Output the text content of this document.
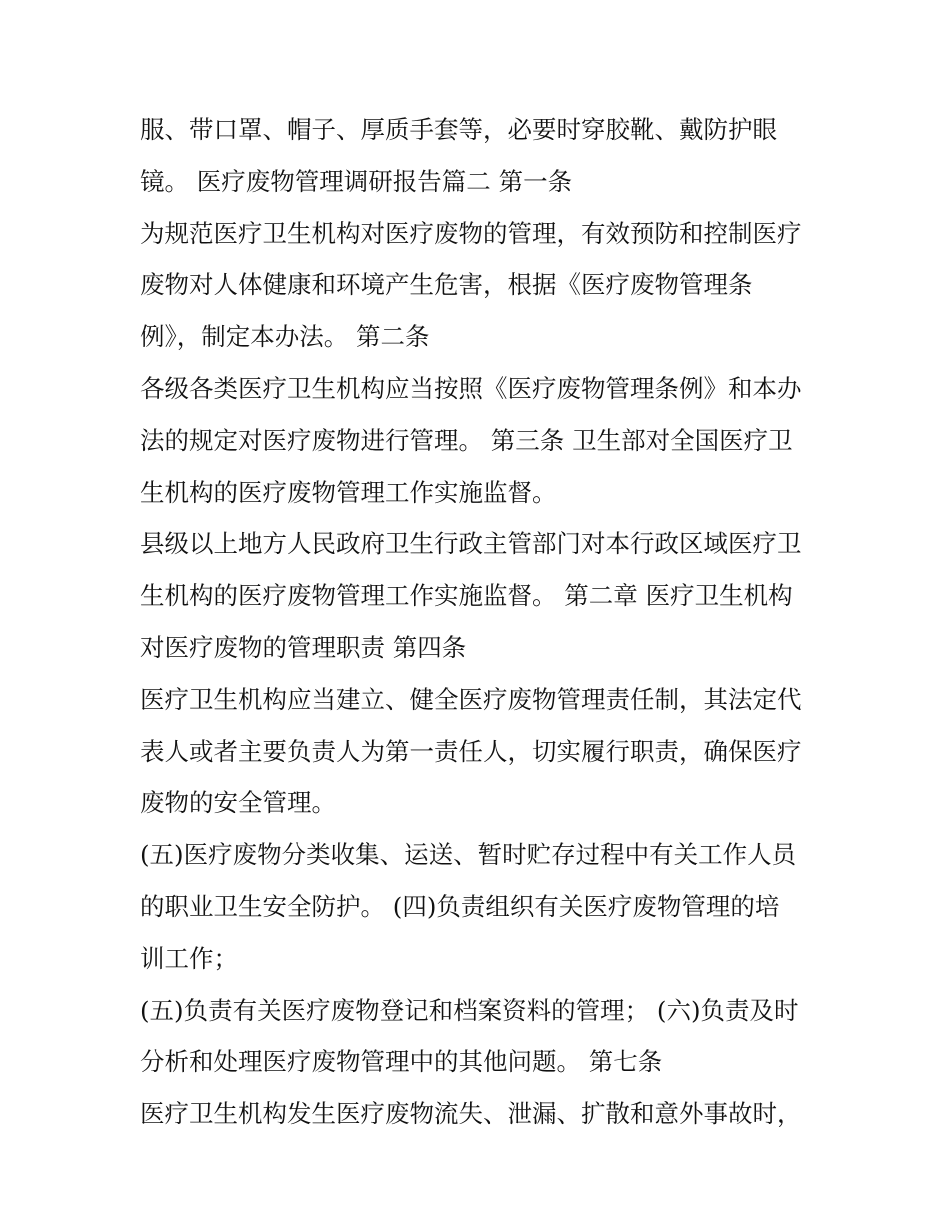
服、带口罩、帽子、厚质手套等，必要时穿胶靴、戴防护眼
镜。 医疗废物管理调研报告篇二 第一条
为规范医疗卫生机构对医疗废物的管理，有效预防和控制医疗
废物对人体健康和环境产生危害，根据《医疗废物管理条
例》，制定本办法。 第二条
各级各类医疗卫生机构应当按照《医疗废物管理条例》和本办
法的规定对医疗废物进行管理。 第三条 卫生部对全国医疗卫
生机构的医疗废物管理工作实施监督。
县级以上地方人民政府卫生行政主管部门对本行政区域医疗卫
生机构的医疗废物管理工作实施监督。 第二章 医疗卫生机构
对医疗废物的管理职责 第四条
医疗卫生机构应当建立、健全医疗废物管理责任制，其法定代
表人或者主要负责人为第一责任人，切实履行职责，确保医疗
废物的安全管理。
(五)医疗废物分类收集、运送、暂时贮存过程中有关工作人员
的职业卫生安全防护。 (四)负责组织有关医疗废物管理的培
训工作；
(五)负责有关医疗废物登记和档案资料的管理； (六)负责及时
分析和处理医疗废物管理中的其他问题。 第七条
医疗卫生机构发生医疗废物流失、泄漏、扩散和意外事故时，
